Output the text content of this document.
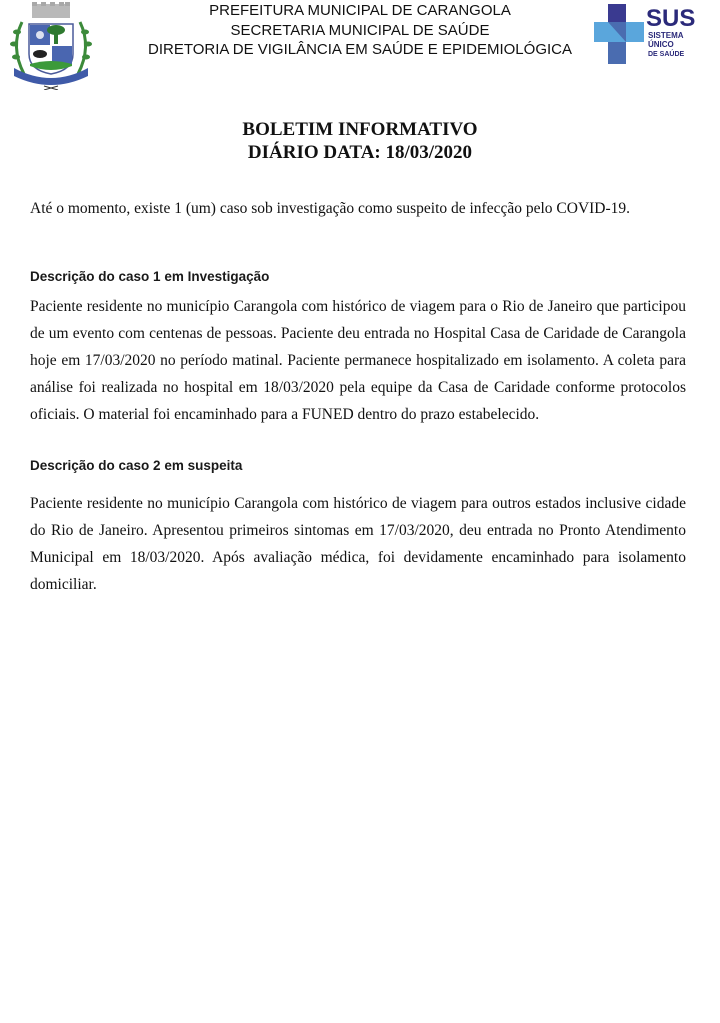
PREFEITURA MUNICIPAL DE CARANGOLA
SECRETARIA MUNICIPAL DE SAÚDE
DIRETORIA DE VIGILÂNCIA EM SAÚDE E EPIDEMIOLÓGICA
SUS
SISTEMA
ÚNICO
DE SAÚDE
BOLETIM INFORMATIVO
DIÁRIO DATA: 18/03/2020
Até o momento, existe 1 (um) caso sob investigação como suspeito de infecção pelo COVID-19.
Descrição do caso 1 em Investigação
Paciente residente no município Carangola com histórico de viagem para o Rio de Janeiro que participou de um evento com centenas de pessoas. Paciente deu entrada no Hospital Casa de Caridade de Carangola hoje em 17/03/2020 no período matinal. Paciente permanece hospitalizado em isolamento. A coleta para análise foi realizada no hospital em 18/03/2020 pela equipe da Casa de Caridade conforme protocolos oficiais. O material foi encaminhado para a FUNED dentro do prazo estabelecido.
Descrição do caso 2 em suspeita
Paciente residente no município Carangola com histórico de viagem para outros estados inclusive cidade do Rio de Janeiro. Apresentou primeiros sintomas em 17/03/2020, deu entrada no Pronto Atendimento Municipal em 18/03/2020. Após avaliação médica, foi devidamente encaminhado para isolamento domiciliar.
